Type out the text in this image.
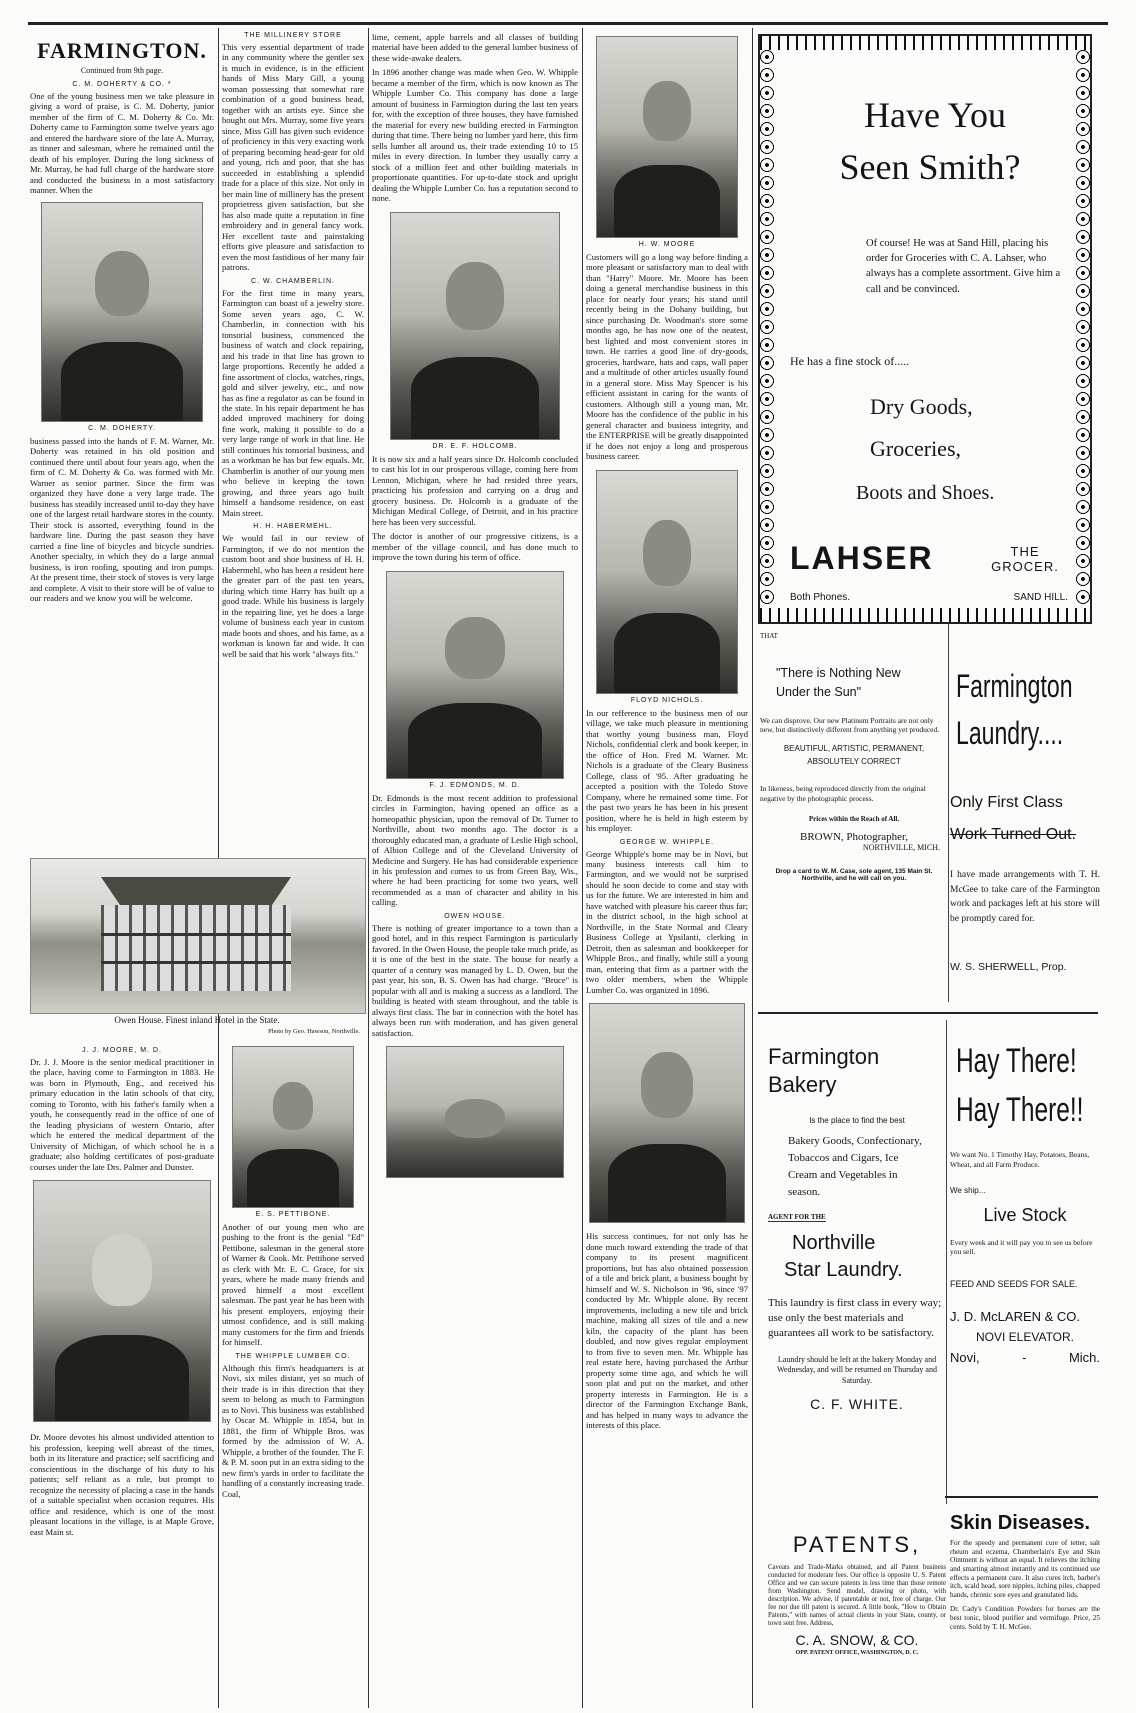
FARMINGTON.
Continued from 9th page.
C. M. DOHERTY & CO. *

One of the young business men we take pleasure in giving a word of praise, is C. M. Doherty, junior member of the firm of C. M. Doherty & Co. Mr. Doherty came to Farmington some twelve years ago and entered the hardware store of the late A. Murray, as tinner and salesman, where he remained until the death of his employer. During the long sickness of Mr. Murray, he had full charge of the hardware store and conducted the business in a most satisfactory manner. When the

C. M. DOHERTY.

business passed into the hands of F. M. Warner, Mr. Doherty was retained in his old position and continued there until about four years ago, when the firm of C. M. Doherty & Co. was formed with Mr. Warner as senior partner. Since the firm was organized they have done a very large trade. The business has steadily increased until to-day they have one of the largest retail hardware stores in the county. Their stock is assorted, everything found in the hardware line. During the past season they have carried a fine line of bicycles and bicycle sundries. Another specialty, in which they do a large annual business, is iron roofing, spouting and iron pumps. At the present time, their stock of stoves is very large and complete. A visit to their store will be of value to our readers and we know you will be welcome.

Owen House. Finest inland Hotel in the State.
Photo by Geo. Hawson, Northville.
J. J. MOORE, M. D.

Dr. J. J. Moore is the senior medical practitioner in the place, having come to Farmington in 1883. He was born in Plymouth, Eng., and received his primary education in the latin schools of that city, coming to Toronto, with his father's family when a youth, he consequently read in the office of one of the leading physicians of western Ontario, after which he entered the medical department of the University of Michigan, of which school he is a graduate; also holding certificates of post-graduate courses under the late Drs. Palmer and Dunster.

Dr. Moore devotes his almost undivided attention to his profession, keeping well abreast of the times, both in its literature and practice; self sacrificing and conscientious in the discharge of his duty to his patients; self reliant as a rule, but prompt to recognize the necessity of placing a case in the hands of a suitable specialist when occasion requires. His office and residence, which is one of the most pleasant locations in the village, is at Maple Grove, east Main st.

THE MILLINERY STORE

This very essential department of trade in any community where the gentler sex is much in evidence, is in the efficient hands of Miss Mary Gill, a young woman possessing that somewhat rare combination of a good business head, together with an artists eye. Since she bought out Mrs. Murray, some five years since, Miss Gill has given such evidence of proficiency in this very exacting work of preparing becoming head-gear for old and young, rich and poor, that she has succeeded in establishing a splendid trade for a place of this size. Not only in her main line of millinery has the present proprietress given satisfaction, but she has also made quite a reputation in fine embroidery and in general fancy work. Her excellent taste and painstaking efforts give pleasure and satisfaction to even the most fastidious of her many fair patrons.

C. W. CHAMBERLIN.

For the first time in many years, Farmington can boast of a jewelry store. Some seven years ago, C. W. Chamberlin, in connection with his tonsorial business, commenced the business of watch and clock repairing, and his trade in that line has grown to large proportions. Recently he added a fine assortment of clocks, watches, rings, gold and silver jewelry, etc., and now has as fine a regulator as can be found in the state. In his repair department he has added improved machinery for doing fine work, making it possible to do a very large range of work in that line. He still continues his tonsorial business, and as a workman he has but few equals. Mr. Chamberlin is another of our young men who believe in keeping the town growing, and three years ago built himself a handsome residence, on east Main street.

H. H. HABERMEHL.

We would fail in our review of Farmington, if we do not mention the custom boot and shoe business of H. H. Habermehl, who has been a resident here the greater part of the past ten years, during which time Harry has built up a good trade. While his business is largely in the repairing line, yet he does a large volume of business each year in custom made boots and shoes, and his fame, as a workman is known far and wide. It can well be said that his work "always fits."

E. S. PETTIBONE.

Another of our young men who are pushing to the front is the genial "Ed" Pettibone, salesman in the general store of Warner & Cook. Mr. Pettibone served as clerk with Mr. E. C. Grace, for six years, where he made many friends and proved himself a most excellent salesman. The past year he has been with his present employers, enjoying their utmost confidence, and is still making many customers for the firm and friends for himself.

THE WHIPPLE LUMBER CO.

Although this firm's headquarters is at Novi, six miles distant, yet so much of their trade is in this direction that they seem to belong as much to Farmington as to Novi. This business was established by Oscar M. Whipple in 1854, but in 1881, the firm of Whipple Bros. was formed by the admission of W. A. Whipple, a brother of the founder. The F. & P. M. soon put in an extra siding to the new firm's yards in order to facilitate the handling of a constantly increasing trade. Coal,

lime, cement, apple barrels and all classes of building material have been added to the general lumber business of these wide-awake dealers.

In 1896 another change was made when Geo. W. Whipple became a member of the firm, which is now known as The Whipple Lumber Co. This company has done a large amount of business in Farmington during the last ten years for, with the exception of three houses, they have furnished the material for every new building erected in Farmington during that time. There being no lumber yard here, this firm sells lumber all around us, their trade extending 10 to 15 miles in every direction. In lumber they usually carry a stock of a million feet and other building materials in proportionate quantities. For up-to-date stock and upright dealing the Whipple Lumber Co. has a reputation second to none.

DR. E. F. HOLCOMB.

It is now six and a half years since Dr. Holcomb concluded to cast his lot in our prosperous village, coming here from Lennon, Michigan, where he had resided three years, practicing his profession and carrying on a drug and grocery business. Dr. Holcomb is a graduate of the Michigan Medical College, of Detroit, and in his practice here has been very successful.

The doctor is another of our progressive citizens, is a member of the village council, and has done much to improve the town during his term of office.

F. J. EDMONDS, M. D.

Dr. Edmonds is the most recent addition to professional circles in Farmington, having opened an office as a homeopathic physician, upon the removal of Dr. Turner to Northville, about two months ago. The doctor is a thoroughly educated man, a graduate of Leslie High school, of Albion College and of the Cleveland University of Medicine and Surgery. He has had considerable experience in his profession and comes to us from Green Bay, Wis., where he had been practicing for some two years, well recommended as a man of character and ability in his calling.

OWEN HOUSE.

There is nothing of greater importance to a town than a good hotel, and in this respect Farmington is particularly favored. In the Owen House, the people take much pride, as it is one of the best in the state. The house for nearly a quarter of a century was managed by L. D. Owen, but the past year, his son, B. S. Owen has had charge. "Bruce" is popular with all and is making a success as a landlord. The building is heated with steam throughout, and the table is always first class. The bar in connection with the hotel has always been run with moderation, and has given general satisfaction.

H. W. MOORE

Customers will go a long way before finding a more pleasant or satisfactory man to deal with than "Harry" Moore. Mr. Moore has been doing a general merchandise business in this place for nearly four years; his stand until recently being in the Dohany building, but since purchasing Dr. Woodman's store some months ago, he has now one of the neatest, best lighted and most convenient stores in town. He carries a good line of dry-goods, groceries, hardware, hats and caps, wall paper and a multitude of other articles usually found in a general store. Miss May Spencer is his efficient assistant in caring for the wants of customers. Although still a young man, Mr. Moore has the confidence of the public in his general character and business integrity, and the ENTERPRISE will be greatly disappointed if he does not enjoy a long and prosperous business career.

FLOYD NICHOLS.

In our refference to the business men of our village, we take much pleasure in mentioning that worthy young business man, Floyd Nichols, confidential clerk and book keeper, in the office of Hon. Fred M. Warner. Mr. Nichols is a graduate of the Cleary Business College, class of '95. After graduating he accepted a position with the Toledo Stove Company, where he remained some time. For the past two years he has been in his present position, where he is held in high esteem by his employer.

GEORGE W. WHIPPLE.

George Whipple's home may be in Novi, but many business interests call him to Farmington, and we would not be surprised should he soon decide to come and stay with us for the future. We are interested in him and have watched with pleasure his career thus far; in the district school, in the high school at Northville, in the State Normal and Cleary Business College at Ypsilanti, clerking in Detroit, then as salesman and bookkeeper for Whipple Bros., and finally, while still a young man, entering that firm as a partner with the two older members, when the Whipple Lumber Co. was organized in 1896.

His success continues, for not only has he done much toward extending the trade of that company to its present magnificent proportions, but has also obtained possession of a tile and brick plant, a business bought by himself and W. S. Nicholson in '96, since '97 conducted by Mr. Whipple alone. By recent improvements, including a new tile and brick machine, making all sizes of tile and a new kiln, the capacity of the plant has been doubled, and now gives regular employment to from five to seven men. Mr. Whipple has real estate here, having purchased the Arthur property some time ago, and which he will soon plat and put on the market, and other property interests in Farmington. He is a director of the Farmington Exchange Bank, and has helped in many ways to advance the interests of this place.

Have You
Seen Smith?
Of course! He was at Sand Hill, placing his order for Groceries with C. A. Lahser, who always has a complete assortment. Give him a call and be convinced.
He has a fine stock of.....
Dry Goods,
Groceries,
Boots and Shoes.
LAHSER	THE GROCER.
Both Phones.	SAND HILL.
THAT
"There is Nothing New Under the Sun"
We can disprove. Our new Platinum Portraits are not only new, but distinctively different from anything yet produced.
BEAUTIFUL, ARTISTIC, PERMANENT,
ABSOLUTELY CORRECT
In likeness, being reproduced directly from the original negative by the photographic process.
Prices within the Reach of All.
BROWN, Photographer,
NORTHVILLE, MICH.
Drop a card to W. M. Case, sole agent, 135 Main St. Northville, and he will call on you.
Farmington
Laundry....
Only First Class
Work Turned Out.
I have made arrangements with T. H. McGee to take care of the Farmington work and packages left at his store will be promptly cared for.
W. S. SHERWELL, Prop.
Farmington
Bakery
Is the place to find the best
Bakery Goods, Confectionary, Tobaccos and Cigars, Ice Cream and Vegetables in season.
AGENT FOR THE
Northville
Star Laundry.
This laundry is first class in every way; use only the best materials and guarantees all work to be satisfactory.
Laundry should be left at the bakery Monday and Wednesday, and will be returned on Thursday and Saturday.
C. F. WHITE.
Hay There!
Hay There!!
We want No. 1 Timothy Hay, Potatoes, Beans, Wheat, and all Farm Produce.
We ship...
Live Stock
Every week and it will pay you to see us before you sell.
FEED AND SEEDS FOR SALE.
J. D. McLAREN & CO.
NOVI ELEVATOR.
Novi,	-	Mich.
PATENTS,
Caveats and Trade-Marks obtained, and all Patent business conducted for moderate fees. Our office is opposite U. S. Patent Office and we can secure patents in less time than those remote from Washington. Send model, drawing or photo, with description. We advise, if patentable or not, free of charge. Our fee not due till patent is secured. A little book, "How to Obtain Patents," with names of actual clients in your State, county, or town sent free. Address,
C. A. SNOW, & CO.
OPP. PATENT OFFICE, WASHINGTON, D. C.
Skin Diseases.
For the speedy and permanent cure of tetter, salt rheum and eczema, Chamberlain's Eye and Skin Ointment is without an equal. It relieves the itching and smarting almost instantly and its continued use effects a permanent cure. It also cures itch, barber's itch, scald head, sore nipples, itching piles, chapped hands, chronic sore eyes and granulated lids.
Dr. Cady's Condition Powders for horses are the best tonic, blood purifier and vermifuge. Price, 25 cents. Sold by T. H. McGee.
